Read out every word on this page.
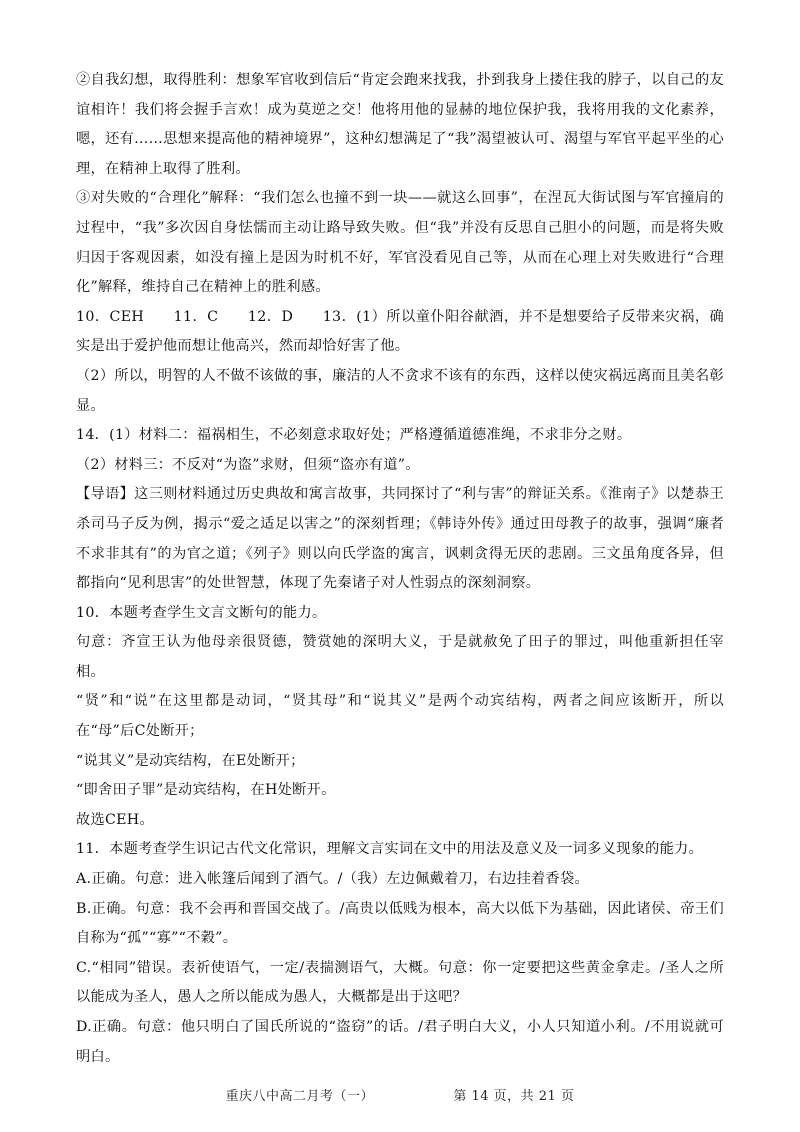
②自我幻想，取得胜利：想象军官收到信后“肯定会跑来找我，扑到我身上搂住我的脖子，以自己的友谊相许！我们将会握手言欢！成为莫逆之交！他将用他的显赫的地位保护我，我将用我的文化素养，嗯，还有……思想来提高他的精神境界”，这种幻想满足了“我”渴望被认可、渴望与军官平起平坐的心理，在精神上取得了胜利。

③对失败的“合理化”解释：“我们怎么也撞不到一块——就这么回事”，在涅瓦大街试图与军官撞肩的过程中，“我”多次因自身怯懦而主动让路导致失败。但“我”并没有反思自己胆小的问题，而是将失败归因于客观因素，如没有撞上是因为时机不好，军官没看见自己等，从而在心理上对失败进行“合理化”解释，维持自己在精神上的胜利感。

10．CEH　　11．C　　12．D　　13．(1）所以童仆阳谷献酒，并不是想要给子反带来灾祸，确实是出于爱护他而想让他高兴，然而却恰好害了他。

（2）所以，明智的人不做不该做的事，廉洁的人不贪求不该有的东西，这样以使灾祸远离而且美名彰显。

14．(1）材料二：福祸相生，不必刻意求取好处；严格遵循道德准绳，不求非分之财。

（2）材料三：不反对“为盗”求财，但须“盗亦有道”。

【导语】这三则材料通过历史典故和寓言故事，共同探讨了“利与害”的辩证关系。《淮南子》以楚恭王杀司马子反为例，揭示“爱之适足以害之”的深刻哲理；《韩诗外传》通过田母教子的故事，强调“廉者不求非其有”的为官之道；《列子》则以向氏学盗的寓言，讽刺贪得无厌的悲剧。三文虽角度各异，但都指向“见利思害”的处世智慧，体现了先秦诸子对人性弱点的深刻洞察。

10．本题考查学生文言文断句的能力。

句意：齐宣王认为他母亲很贤德，赞赏她的深明大义，于是就赦免了田子的罪过，叫他重新担任宰相。

“贤”和“说”在这里都是动词，“贤其母”和“说其义”是两个动宾结构，两者之间应该断开，所以在“母”后C处断开；

“说其义”是动宾结构，在E处断开；

“即舍田子罪”是动宾结构，在H处断开。

故选CEH。

11．本题考查学生识记古代文化常识，理解文言实词在文中的用法及意义及一词多义现象的能力。

A.正确。句意：进入帐篷后闻到了酒气。/（我）左边佩戴着刀，右边挂着香袋。

B.正确。句意：我不会再和晋国交战了。/高贵以低贱为根本，高大以低下为基础，因此诸侯、帝王们自称为“孤”“寡”“不穀”。

C.“相同”错误。表祈使语气，一定/表揣测语气，大概。句意：你一定要把这些黄金拿走。/圣人之所以能成为圣人，愚人之所以能成为愚人，大概都是出于这吧？

D.正确。句意：他只明白了国氏所说的“盗窃”的话。/君子明白大义，小人只知道小利。/不用说就可明白。

重庆八中高二月考（一）	第 14 页，共 21 页
